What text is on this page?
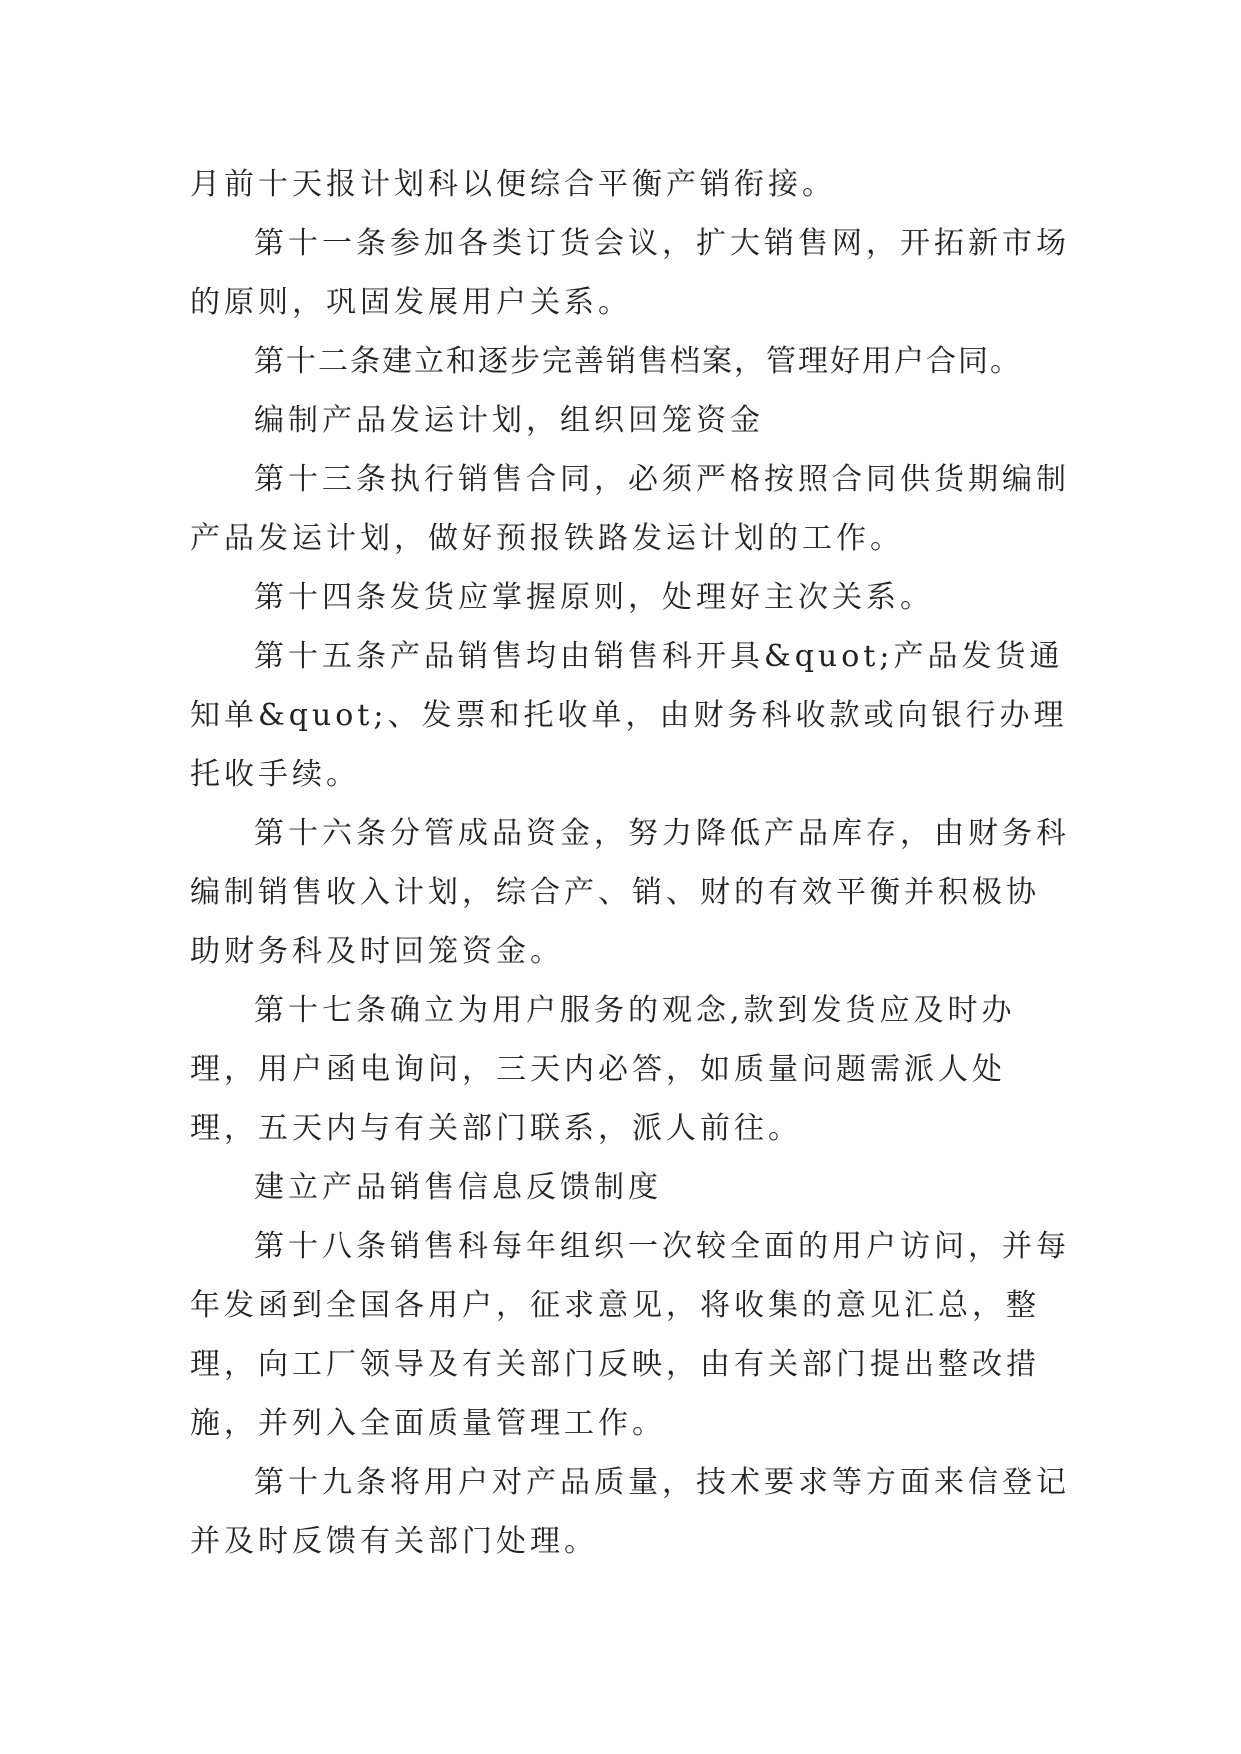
月前十天报计划科以便综合平衡产销衔接。

第十一条参加各类订货会议，扩大销售网，开拓新市场的原则，巩固发展用户关系。

第十二条建立和逐步完善销售档案，管理好用户合同。

编制产品发运计划，组织回笼资金

第十三条执行销售合同，必须严格按照合同供货期编制产品发运计划，做好预报铁路发运计划的工作。

第十四条发货应掌握原则，处理好主次关系。

第十五条产品销售均由销售科开具&quot;产品发货通知单&quot;、发票和托收单，由财务科收款或向银行办理托收手续。

第十六条分管成品资金，努力降低产品库存，由财务科编制销售收入计划，综合产、销、财的有效平衡并积极协助财务科及时回笼资金。

第十七条确立为用户服务的观念,款到发货应及时办理，用户函电询问，三天内必答，如质量问题需派人处理，五天内与有关部门联系，派人前往。

建立产品销售信息反馈制度

第十八条销售科每年组织一次较全面的用户访问，并每年发函到全国各用户，征求意见，将收集的意见汇总，整理，向工厂领导及有关部门反映，由有关部门提出整改措施，并列入全面质量管理工作。

第十九条将用户对产品质量，技术要求等方面来信登记并及时反馈有关部门处理。
